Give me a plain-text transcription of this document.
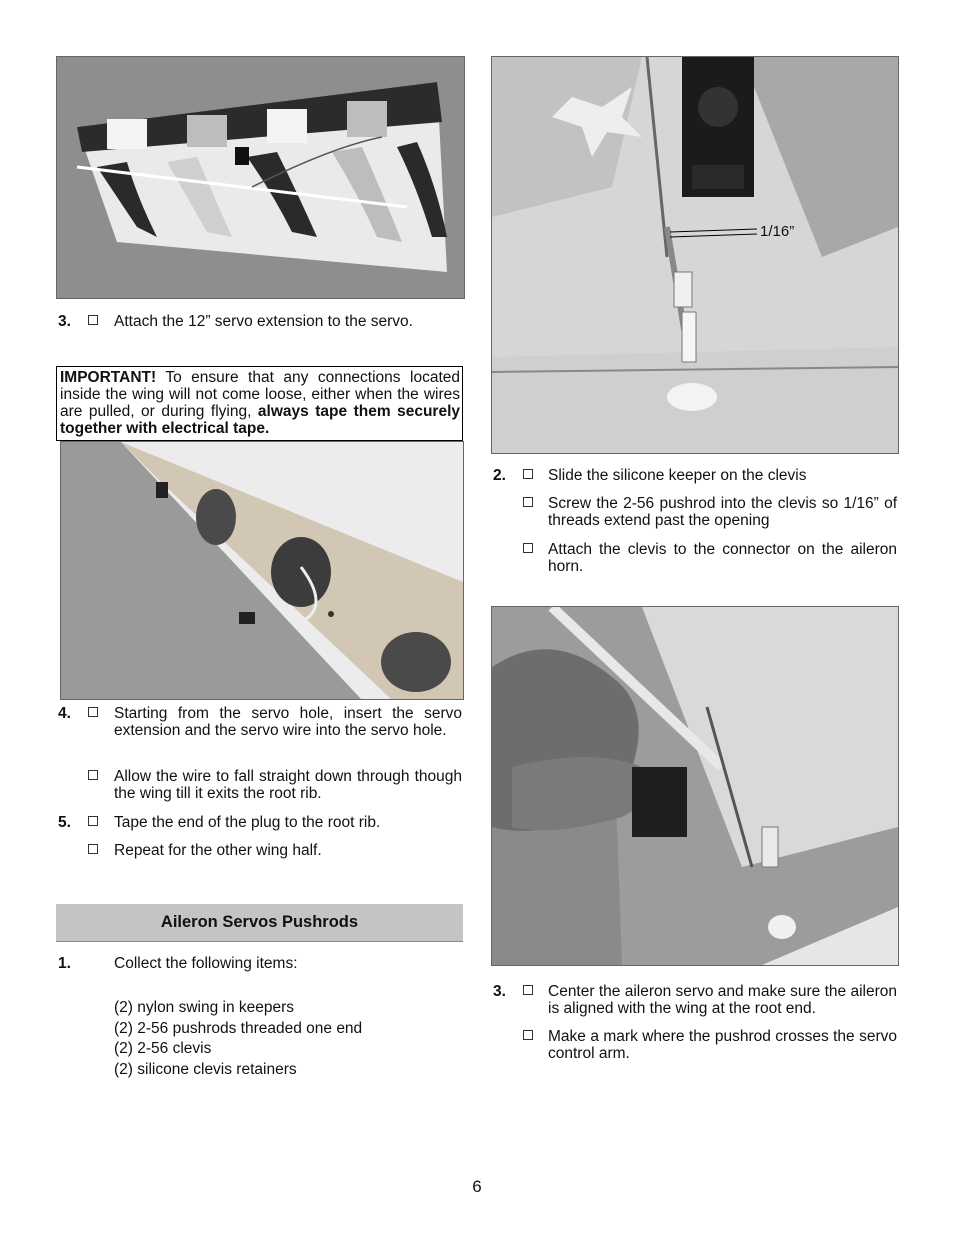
3.	Attach the 12” servo extension to the servo.
IMPORTANT! To ensure that any connections located inside the wing will not come loose, either when the wires are pulled, or during flying, always tape them securely together with electrical tape.
4.	Starting from the servo hole, insert the servo extension and the servo wire into the servo hole.
Allow the wire to fall straight down through though the wing till it exits the root rib.
5.	Tape the end of the plug to the root rib.
Repeat for the other wing half.
Aileron Servos Pushrods
1.	Collect the following items:
(2) nylon swing in keepers
(2) 2-56 pushrods threaded one end
(2) 2-56 clevis
(2) silicone clevis retainers
1/16”
2.	Slide the silicone keeper on the clevis
Screw the 2-56 pushrod into the clevis so 1/16” of threads extend past the opening
Attach the clevis to the connector on the aileron horn.
3.	Center the aileron servo and make sure the aileron is aligned with the wing at the root end.
Make a mark where the pushrod crosses the servo control arm.
6
